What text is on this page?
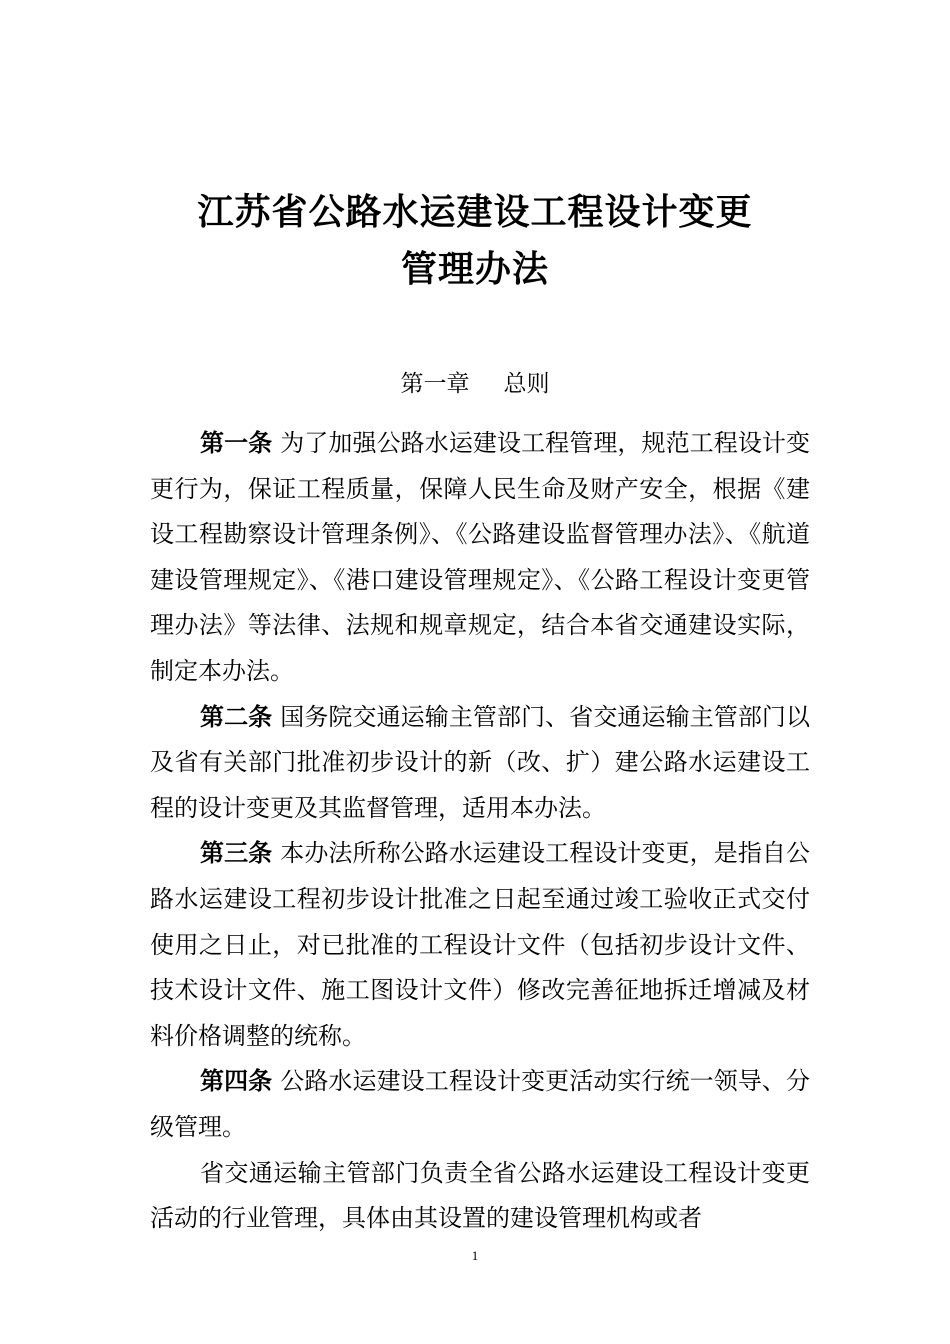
江苏省公路水运建设工程设计变更
管理办法
第一章 总则

第一条 为了加强公路水运建设工程管理，规范工程设计变更行为，保证工程质量，保障人民生命及财产安全，根据《建设工程勘察设计管理条例》、《公路建设监督管理办法》、《航道建设管理规定》、《港口建设管理规定》、《公路工程设计变更管理办法》等法律、法规和规章规定，结合本省交通建设实际，制定本办法。

第二条 国务院交通运输主管部门、省交通运输主管部门以及省有关部门批准初步设计的新（改、扩）建公路水运建设工程的设计变更及其监督管理，适用本办法。

第三条 本办法所称公路水运建设工程设计变更，是指自公路水运建设工程初步设计批准之日起至通过竣工验收正式交付使用之日止，对已批准的工程设计文件（包括初步设计文件、技术设计文件、施工图设计文件）修改完善征地拆迁增减及材料价格调整的统称。

第四条 公路水运建设工程设计变更活动实行统一领导、分级管理。

省交通运输主管部门负责全省公路水运建设工程设计变更活动的行业管理，具体由其设置的建设管理机构或者

1
